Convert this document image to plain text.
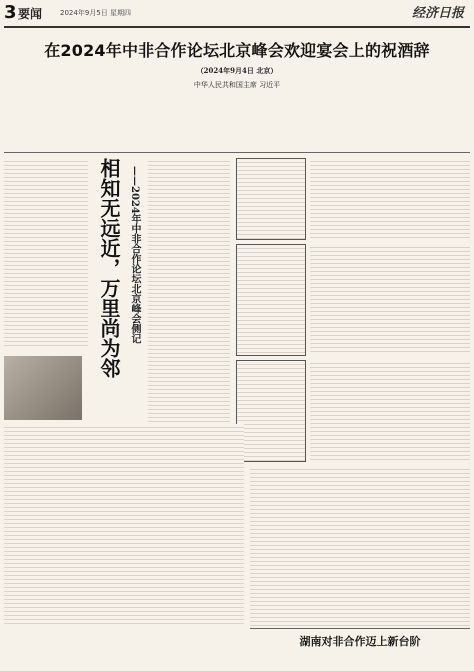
3 要闻	2024年9月5日 星期四	经济日报
在2024年中非合作论坛北京峰会欢迎宴会上的祝酒辞
（2024年9月4日 北京）
中华人民共和国主席 习近平
相知无远近，万里尚为邻 ——2024年中非合作论坛北京峰会侧记
湖南对非合作迈上新台阶
